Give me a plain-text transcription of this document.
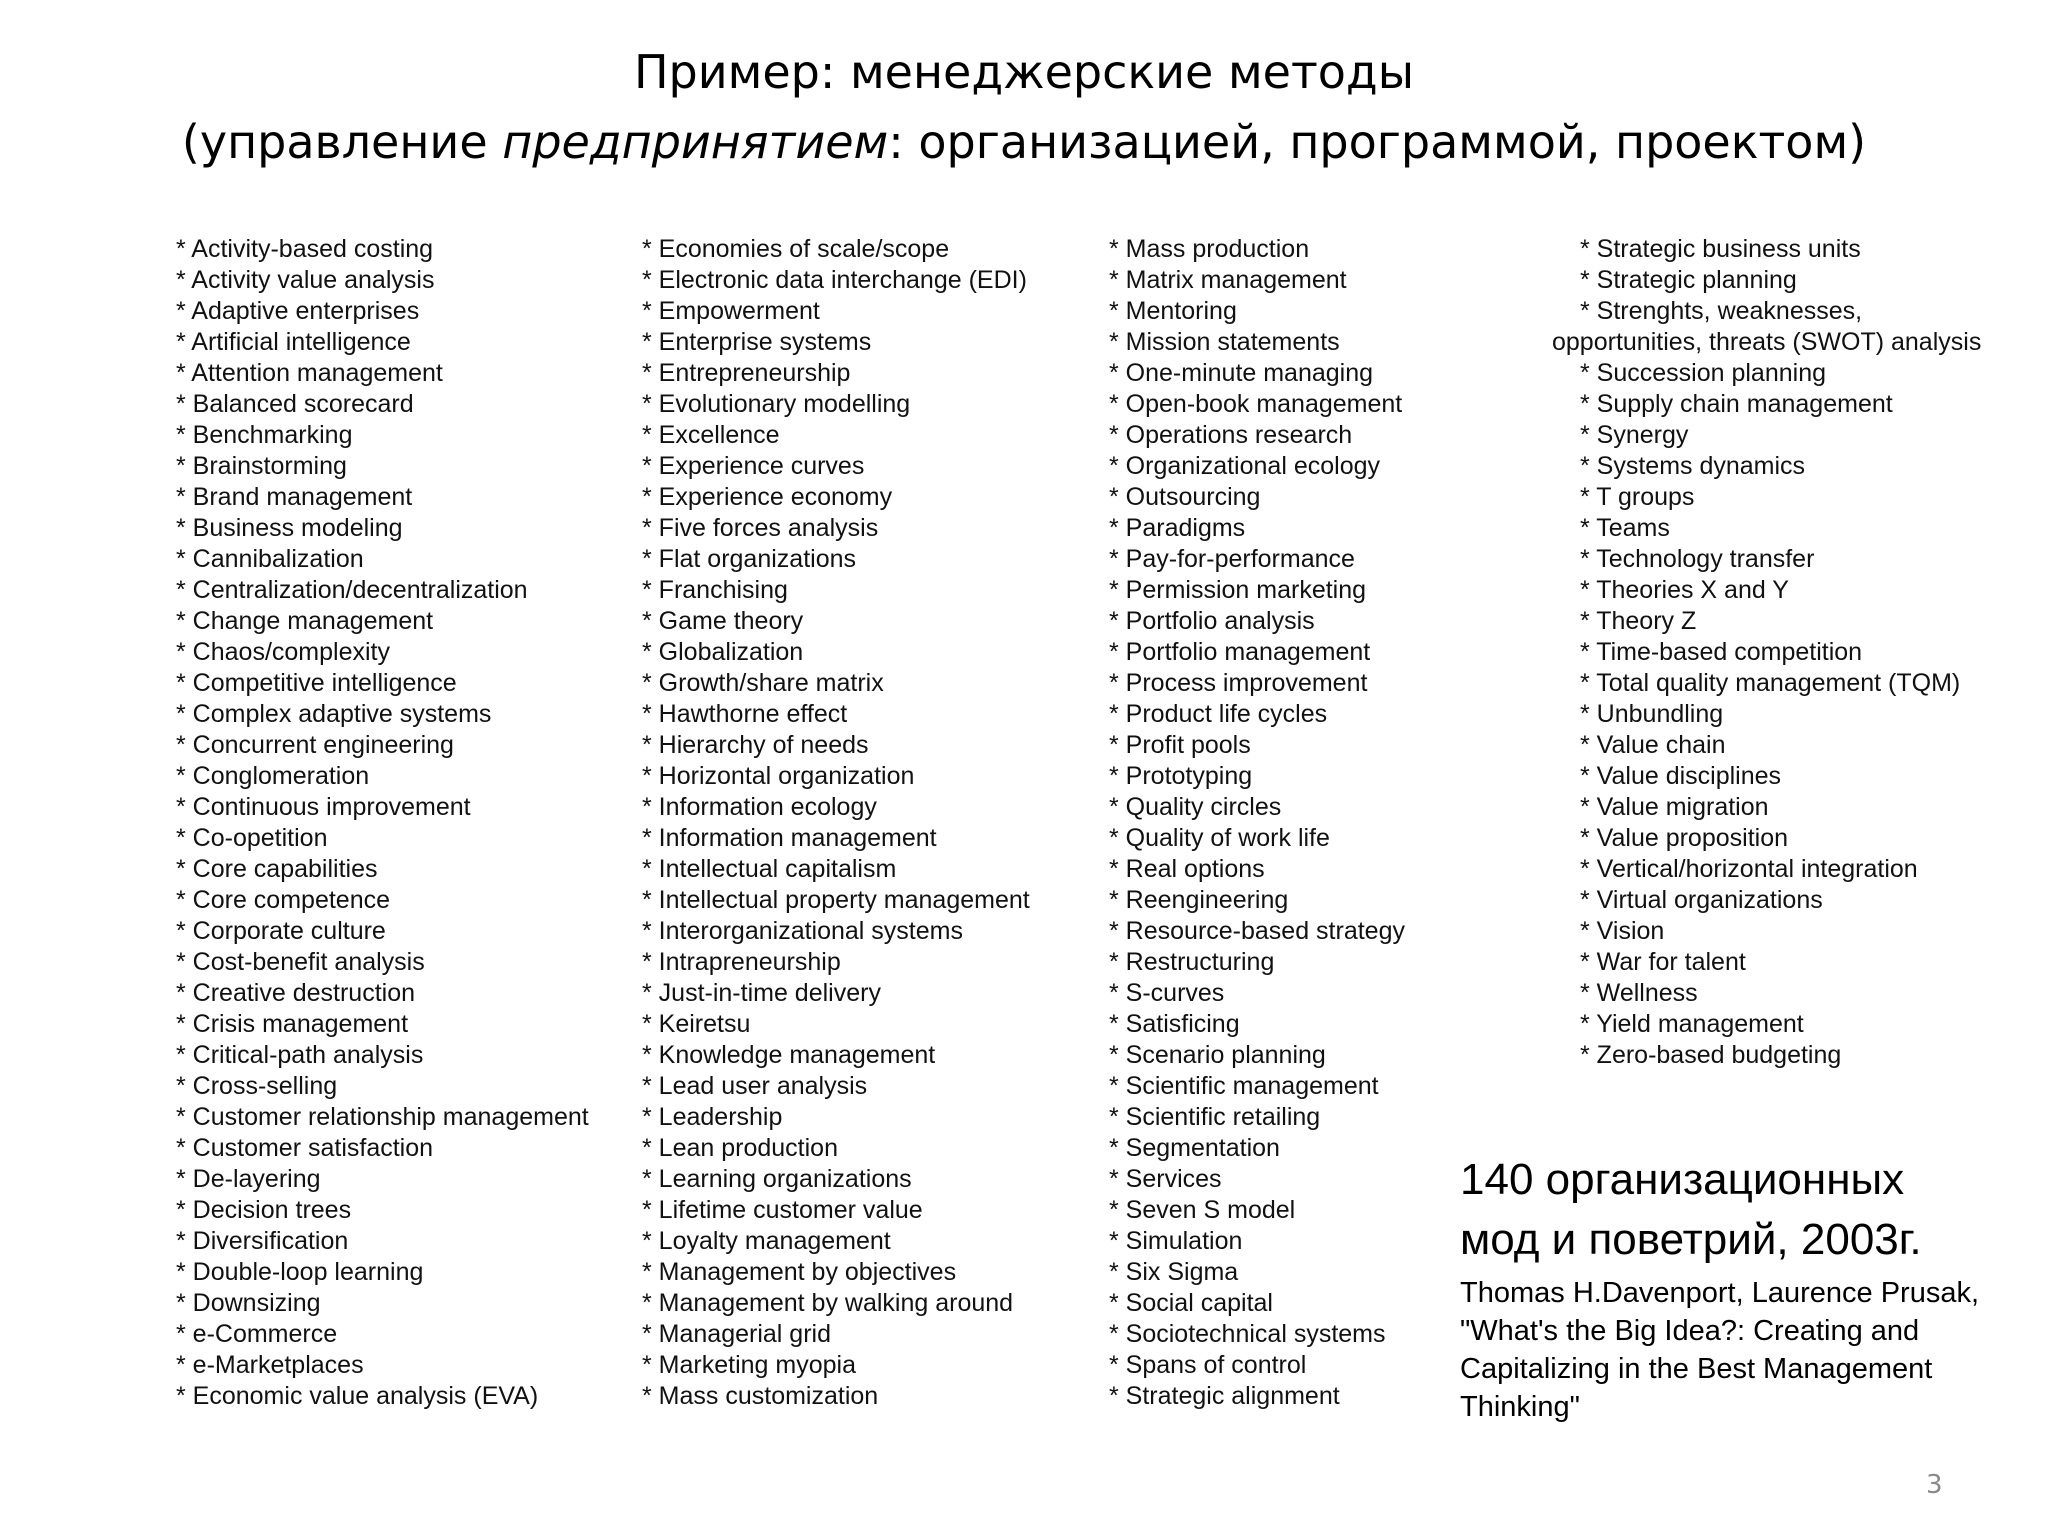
Пример: менеджерские методы
(управление предпринятием: организацией, программой, проектом)
* Activity-based costing
* Activity value analysis
* Adaptive enterprises
* Artificial intelligence
* Attention management
* Balanced scorecard
* Benchmarking
* Brainstorming
* Brand management
* Business modeling
* Cannibalization
* Centralization/decentralization
* Change management
* Chaos/complexity
* Competitive intelligence
* Complex adaptive systems
* Concurrent engineering
* Conglomeration
* Continuous improvement
* Co-opetition
* Core capabilities
* Core competence
* Corporate culture
* Cost-benefit analysis
* Creative destruction
* Crisis management
* Critical-path analysis
* Cross-selling
* Customer relationship management
* Customer satisfaction
* De-layering
* Decision trees
* Diversification
* Double-loop learning
* Downsizing
* e-Commerce
* e-Marketplaces
* Economic value analysis (EVA)
* Economies of scale/scope
* Electronic data interchange (EDI)
* Empowerment
* Enterprise systems
* Entrepreneurship
* Evolutionary modelling
* Excellence
* Experience curves
* Experience economy
* Five forces analysis
* Flat organizations
* Franchising
* Game theory
* Globalization
* Growth/share matrix
* Hawthorne effect
* Hierarchy of needs
* Horizontal organization
* Information ecology
* Information management
* Intellectual capitalism
* Intellectual property management
* Interorganizational systems
* Intrapreneurship
* Just-in-time delivery
* Keiretsu
* Knowledge management
* Lead user analysis
* Leadership
* Lean production
* Learning organizations
* Lifetime customer value
* Loyalty management
* Management by objectives
* Management by walking around
* Managerial grid
* Marketing myopia
* Mass customization
* Mass production
* Matrix management
* Mentoring
* Mission statements
* One-minute managing
* Open-book management
* Operations research
* Organizational ecology
* Outsourcing
* Paradigms
* Pay-for-performance
* Permission marketing
* Portfolio analysis
* Portfolio management
* Process improvement
* Product life cycles
* Profit pools
* Prototyping
* Quality circles
* Quality of work life
* Real options
* Reengineering
* Resource-based strategy
* Restructuring
* S-curves
* Satisficing
* Scenario planning
* Scientific management
* Scientific retailing
* Segmentation
* Services
* Seven S model
* Simulation
* Six Sigma
* Social capital
* Sociotechnical systems
* Spans of control
* Strategic alignment
* Strategic business units
* Strategic planning
* Strenghts, weaknesses,
opportunities, threats (SWOT) analysis
* Succession planning
* Supply chain management
* Synergy
* Systems dynamics
* T groups
* Teams
* Technology transfer
* Theories X and Y
* Theory Z
* Time-based competition
* Total quality management (TQM)
* Unbundling
* Value chain
* Value disciplines
* Value migration
* Value proposition
* Vertical/horizontal integration
* Virtual organizations
* Vision
* War for talent
* Wellness
* Yield management
* Zero-based budgeting
140 организационных
мод и поветрий, 2003г.
Thomas H.Davenport, Laurence Prusak, "What's the Big Idea?: Creating and Capitalizing in the Best Management Thinking"
3
